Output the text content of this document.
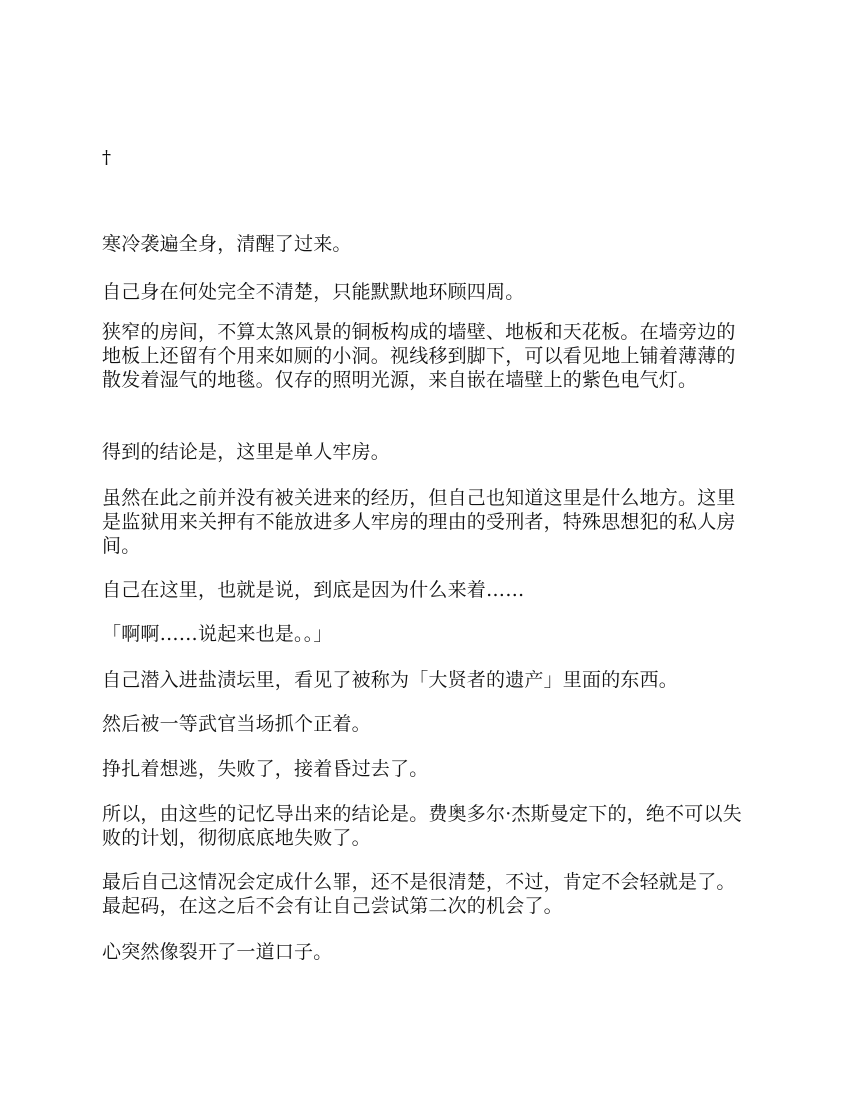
†

寒冷袭遍全身，清醒了过来。

自己身在何处完全不清楚，只能默默地环顾四周。

狭窄的房间，不算太煞风景的铜板构成的墙壁、地板和天花板。在墙旁边的地板上还留有个用来如厕的小洞。视线移到脚下，可以看见地上铺着薄薄的散发着湿气的地毯。仅存的照明光源，来自嵌在墙壁上的紫色电气灯。

得到的结论是，这里是单人牢房。

虽然在此之前并没有被关进来的经历，但自己也知道这里是什么地方。这里是监狱用来关押有不能放进多人牢房的理由的受刑者，特殊思想犯的私人房间。

自己在这里，也就是说，到底是因为什么来着……

「啊啊……说起来也是。。」

自己潜入进盐渍坛里，看见了被称为「大贤者的遗产」里面的东西。

然后被一等武官当场抓个正着。

挣扎着想逃，失败了，接着昏过去了。

所以，由这些的记忆导出来的结论是。费奥多尔·杰斯曼定下的，绝不可以失败的计划，彻彻底底地失败了。

最后自己这情况会定成什么罪，还不是很清楚，不过，肯定不会轻就是了。最起码，在这之后不会有让自己尝试第二次的机会了。

心突然像裂开了一道口子。
